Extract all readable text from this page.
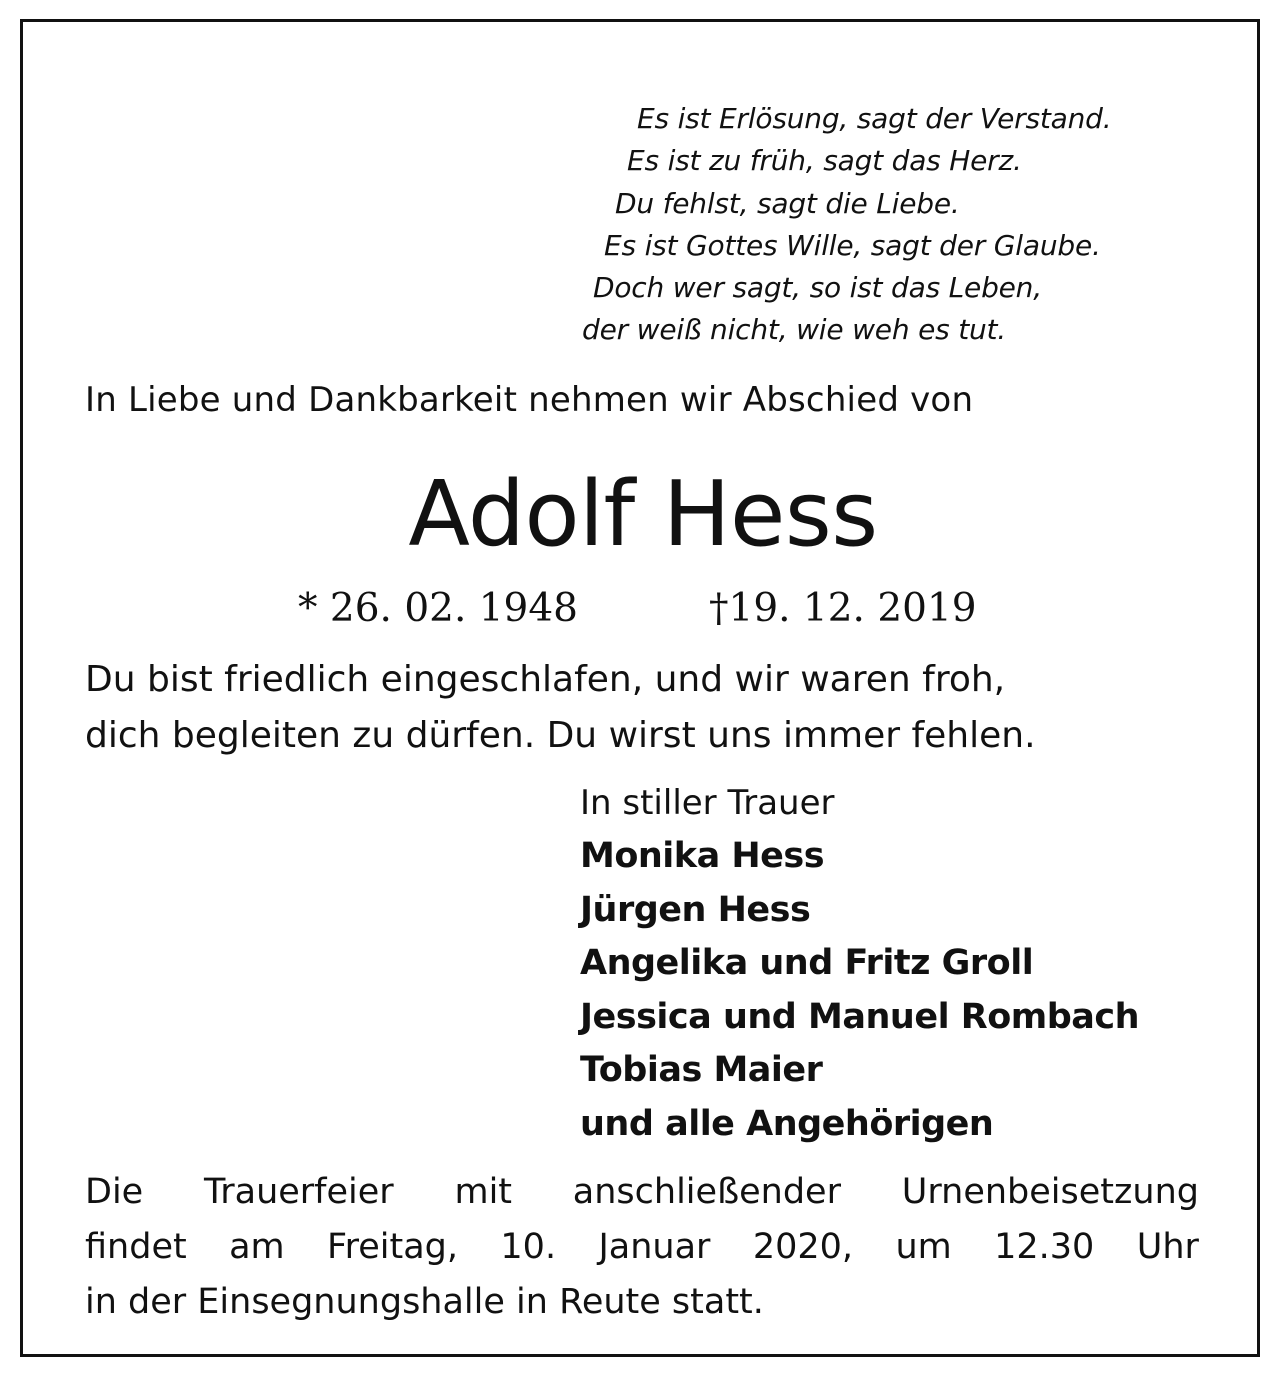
Es ist Erlösung, sagt der Verstand.
Es ist zu früh, sagt das Herz.
Du fehlst, sagt die Liebe.
Es ist Gottes Wille, sagt der Glaube.
Doch wer sagt, so ist das Leben,
der weiß nicht, wie weh es tut.
In Liebe und Dankbarkeit nehmen wir Abschied von
Adolf Hess
* 26. 02. 1948	†19. 12. 2019
Du bist friedlich eingeschlafen, und wir waren froh,
dich begleiten zu dürfen. Du wirst uns immer fehlen.
In stiller Trauer
Monika Hess
Jürgen Hess
Angelika und Fritz Groll
Jessica und Manuel Rombach
Tobias Maier
und alle Angehörigen
Die Trauerfeier mit anschließender Urnenbeisetzung
findet am Freitag, 10. Januar 2020, um 12.30 Uhr
in der Einsegnungshalle in Reute statt.
